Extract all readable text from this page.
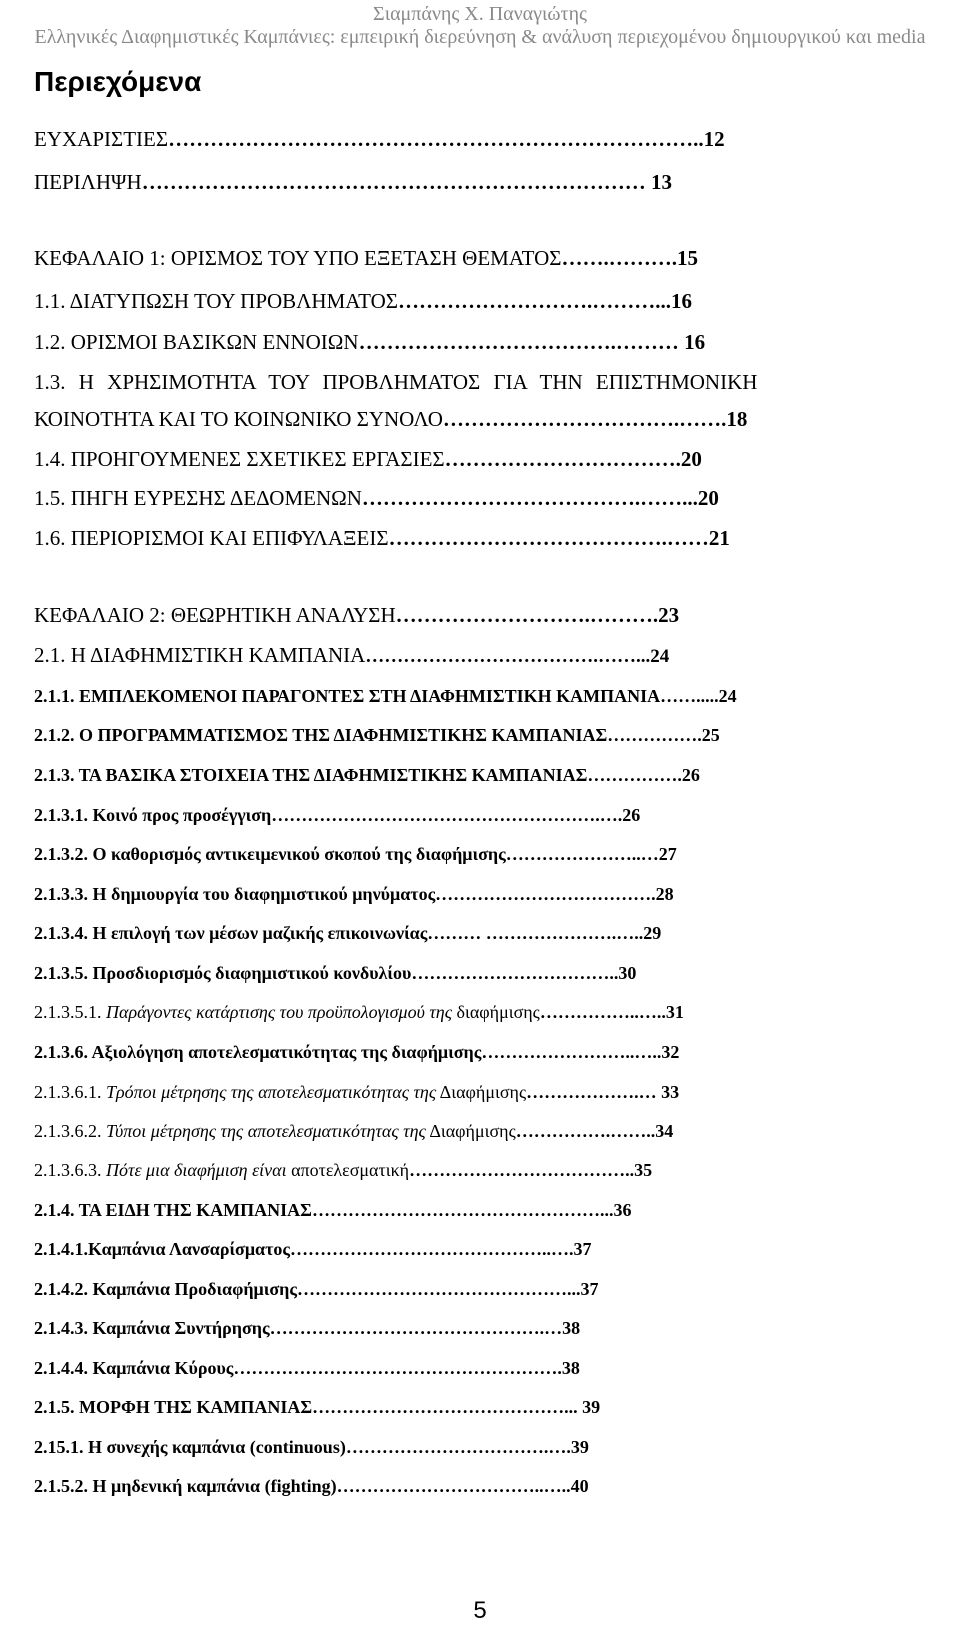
Σιαμπάνης Χ. Παναγιώτης
Ελληνικές Διαφημιστικές Καμπάνιες: εμπειρική διερεύνηση & ανάλυση περιεχομένου δημιουργικού και media
Περιεχόμενα
ΕΥΧΑΡΙΣΤΙΕΣ…………………………………………………………………..12
ΠΕΡΙΛΗΨΗ……………………………………………………………… 13
ΚΕΦΑΛΑΙΟ 1: ΟΡΙΣΜΟΣ ΤΟΥ ΥΠΟ ΕΞΕΤΑΣΗ ΘΕΜΑΤΟΣ…….……….15
1.1. ΔΙΑΤΥΠΩΣΗ ΤΟΥ ΠΡΟΒΛΗΜΑΤΟΣ……………………….………...16
1.2. ΟΡΙΣΜΟΙ ΒΑΣΙΚΩΝ ΕΝΝΟΙΩΝ……………………………….……… 16
1.3. Η ΧΡΗΣΙΜΟΤΗΤΑ ΤΟΥ ΠΡΟΒΛΗΜΑΤΟΣ ΓΙΑ ΤΗΝ ΕΠΙΣΤΗΜΟΝΙΚΗ
ΚΟΙΝΟΤΗΤΑ ΚΑΙ ΤΟ ΚΟΙΝΩΝΙΚΟ ΣΥΝΟΛΟ…………………………….…….18
1.4. ΠΡΟΗΓΟΥΜΕΝΕΣ ΣΧΕΤΙΚΕΣ ΕΡΓΑΣΙΕΣ…………………………….20
1.5. ΠΗΓΗ ΕΥΡΕΣΗΣ ΔΕΔΟΜΕΝΩΝ………………………………….……...20
1.6. ΠΕΡΙΟΡΙΣΜΟΙ ΚΑΙ ΕΠΙΦΥΛΑΞΕΙΣ………………………………….……21
ΚΕΦΑΛΑΙΟ 2: ΘΕΩΡΗΤΙΚΗ ΑΝΑΛΥΣΗ……………………….……….23
2.1. Η ΔΙΑΦΗΜΙΣΤΙΚΗ ΚΑΜΠΑΝΙΑ……………………………….……...24
2.1.1. ΕΜΠΛΕΚΟΜΕΝΟΙ ΠΑΡΑΓΟΝΤΕΣ ΣΤΗ ΔΙΑΦΗΜΙΣΤΙΚΗ ΚΑΜΠΑΝΙΑ…….....24
2.1.2. Ο ΠΡΟΓΡΑΜΜΑΤΙΣΜΟΣ ΤΗΣ ΔΙΑΦΗΜΙΣΤΙΚΗΣ ΚΑΜΠΑΝΙΑΣ…………….25
2.1.3. ΤΑ ΒΑΣΙΚΑ ΣΤΟΙΧΕΙΑ ΤΗΣ ΔΙΑΦΗΜΙΣΤΙΚΗΣ ΚΑΜΠΑΝΙΑΣ…………….26
2.1.3.1. Κοινό προς προσέγγιση……………………………………………….….26
2.1.3.2. Ο καθορισμός αντικειμενικού σκοπού της διαφήμισης…………………..…27
2.1.3.3. Η δημιουργία του διαφημιστικού μηνύματος……………………………….28
2.1.3.4. Η επιλογή των μέσων μαζικής επικοινωνίας……… ………………….…..29
2.1.3.5. Προσδιορισμός διαφημιστικού κονδυλίου……………………………..30
2.1.3.5.1. Παράγοντες κατάρτισης του προϋπολογισμού της διαφήμισης……………..…..31
2.1.3.6. Αξιολόγηση αποτελεσματικότητας της διαφήμισης……………………..…..32
2.1.3.6.1. Τρόποι μέτρησης της αποτελεσματικότητας της Διαφήμισης……………….… 33
2.1.3.6.2. Τύποι μέτρησης της αποτελεσματικότητας της Διαφήμισης…………….……..34
2.1.3.6.3. Πότε μια διαφήμιση είναι αποτελεσματική………………………………..35
2.1.4. ΤΑ ΕΙΔΗ ΤΗΣ ΚΑΜΠΑΝΙΑΣ…………………………………………...36
2.1.4.1.Καμπάνια Λανσαρίσματος……………………………………..….37
2.1.4.2. Καμπάνια Προδιαφήμισης………………………………………...37
2.1.4.3. Καμπάνια Συντήρησης……………………………………….…38
2.1.4.4. Καμπάνια Κύρους……………………………………………….38
2.1.5. ΜΟΡΦΗ ΤΗΣ ΚΑΜΠΑΝΙΑΣ……………………………………... 39
2.15.1. Η συνεχής καμπάνια (continuous)…………………………….….39
2.1.5.2. Η μηδενική καμπάνια (fighting)……………………………..…..40
5
